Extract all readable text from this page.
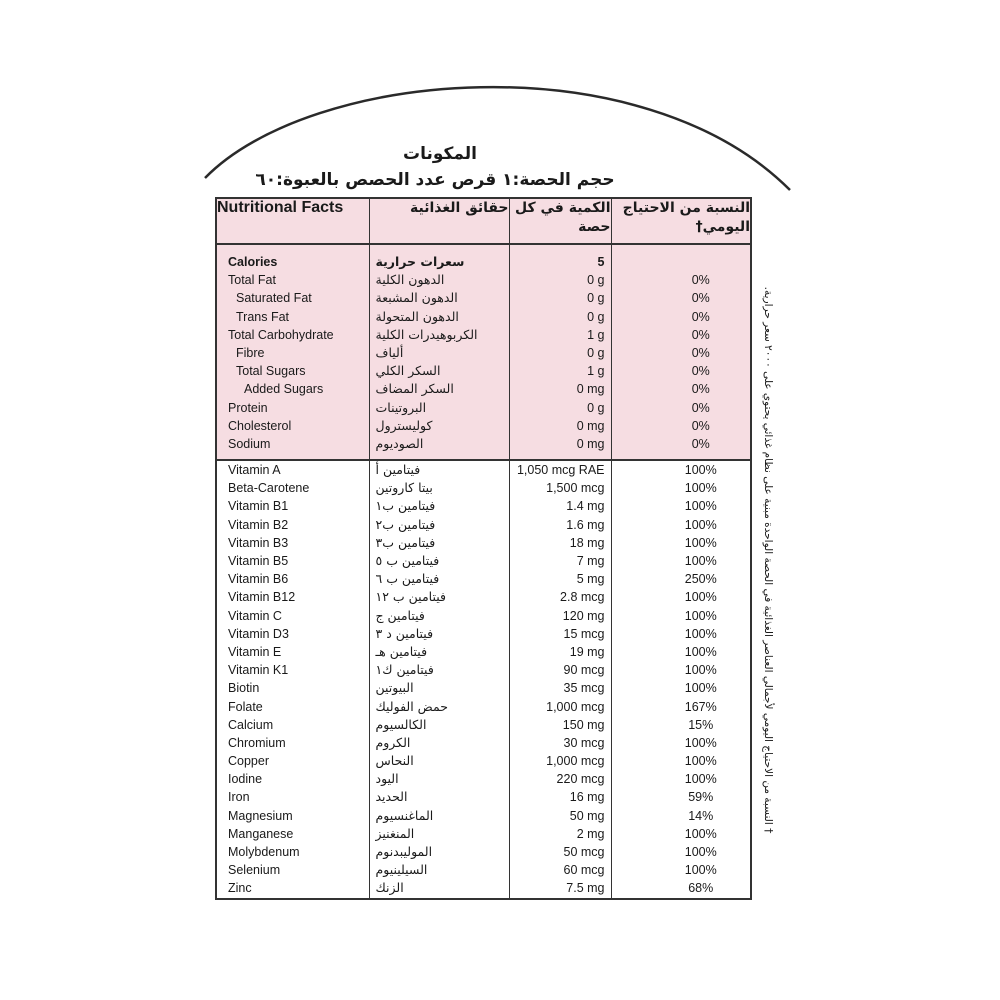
المكونات
حجم الحصة:١ قرص عدد الحصص بالعبوة:٦٠
Nutritional Facts	حقائق الغذائية	الكمية في كل حصة	النسبة من الاحتياج اليومي†

Calories	سعرات حرارية	5	
Total Fat	الدهون الكلية	0 g	0%
Saturated Fat	الدهون المشبعة	0 g	0%
Trans Fat	الدهون المتحولة	0 g	0%
Total Carbohydrate	الكربوهيدرات الكلية	1 g	0%
Fibre	ألياف	0 g	0%
Total Sugars	السكر الكلي	1 g	0%
Added Sugars	السكر المضاف	0 mg	0%
Protein	البروتينات	0 g	0%
Cholesterol	كوليسترول	0 mg	0%
Sodium	الصوديوم	0 mg	0%

Vitamin A	فيتامين أ	1,050 mcg RAE	100%
Beta-Carotene	بيتا كاروتين	1,500 mcg	100%
Vitamin B1	فيتامين ب١	1.4 mg	100%
Vitamin B2	فيتامين ب٢	1.6 mg	100%
Vitamin B3	فيتامين ب٣	18 mg	100%
Vitamin B5	فيتامين ب ٥	7 mg	100%
Vitamin B6	فيتامين ب ٦	5 mg	250%
Vitamin B12	فيتامين ب ١٢	2.8 mcg	100%
Vitamin C	فيتامين ج	120 mg	100%
Vitamin D3	فيتامين د ٣	15 mcg	100%
Vitamin E	فيتامين هـ	19 mg	100%
Vitamin K1	فيتامين ك١	90 mcg	100%
Biotin	البيوتين	35 mcg	100%
Folate	حمض الفوليك	1,000 mcg	167%
Calcium	الكالسيوم	150 mg	15%
Chromium	الكروم	30 mcg	100%
Copper	النحاس	1,000 mcg	100%
Iodine	اليود	220 mcg	100%
Iron	الحديد	16 mg	59%
Magnesium	الماغنسيوم	50 mg	14%
Manganese	المنغنيز	2 mg	100%
Molybdenum	الموليبدنوم	50 mcg	100%
Selenium	السيلينيوم	60 mcg	100%
Zinc	الزنك	7.5 mg	68%
† النسبة من الاحتياج اليومي لأجمالي العناصر الغذائية في الحصة الواحدة مبنية على نظام غذائي يحتوي على ٢٠٠٠ سعر حرارية.
